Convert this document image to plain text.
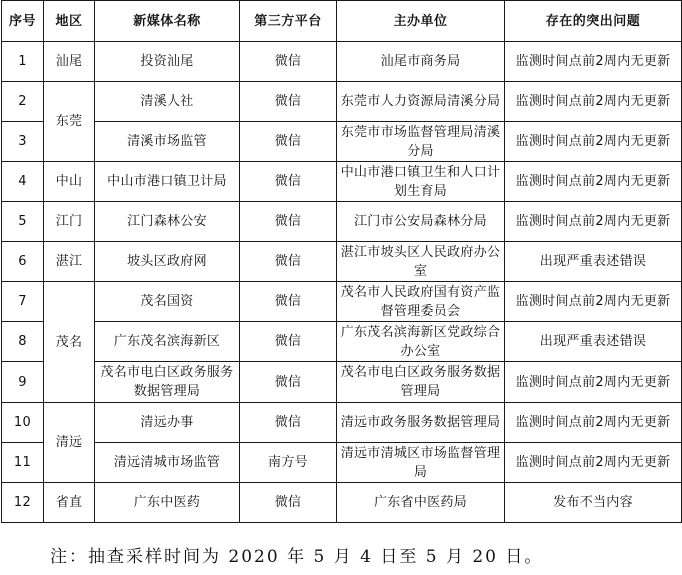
序号	地区	新媒体名称	第三方平台	主办单位	存在的突出问题
1	汕尾	投资汕尾	微信	汕尾市商务局	监测时间点前2周内无更新
2	东莞	清溪人社	微信	东莞市人力资源局清溪分局	监测时间点前2周内无更新
3		清溪市场监管	微信	东莞市市场监督管理局清溪分局	监测时间点前2周内无更新
4	中山	中山市港口镇卫计局	微信	中山市港口镇卫生和人口计划生育局	监测时间点前2周内无更新
5	江门	江门森林公安	微信	江门市公安局森林分局	监测时间点前2周内无更新
6	湛江	坡头区政府网	微信	湛江市坡头区人民政府办公室	出现严重表述错误
7	茂名	茂名国资	微信	茂名市人民政府国有资产监督管理委员会	监测时间点前2周内无更新
8		广东茂名滨海新区	微信	广东茂名滨海新区党政综合办公室	出现严重表述错误
9		茂名市电白区政务服务数据管理局	微信	茂名市电白区政务服务数据管理局	监测时间点前2周内无更新
10	清远	清远办事	微信	清远市政务服务数据管理局	监测时间点前2周内无更新
11		清远清城市场监管	南方号	清远市清城区市场监督管理局	监测时间点前2周内无更新
12	省直	广东中医药	微信	广东省中医药局	发布不当内容
注：抽查采样时间为 2020 年 5 月 4 日至 5 月 20 日。
